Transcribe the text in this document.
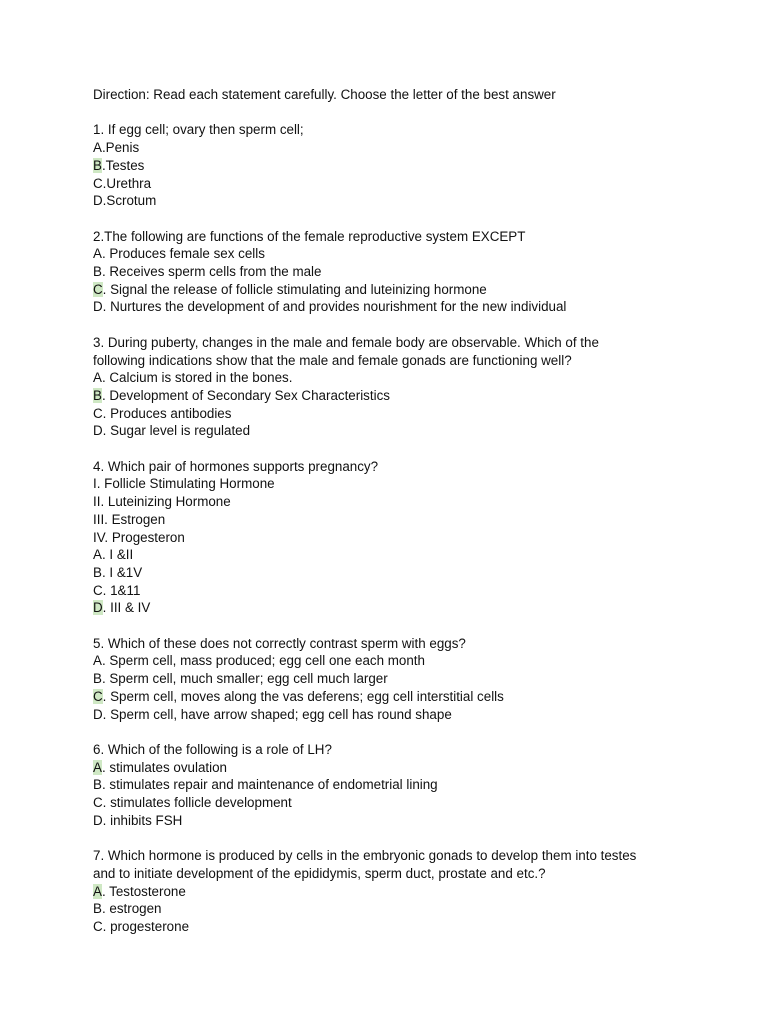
Direction: Read each statement carefully. Choose the letter of the best answer

1. If egg cell; ovary then sperm cell;

A.Penis

B.Testes

C.Urethra

D.Scrotum

2.The following are functions of the female reproductive system EXCEPT

A. Produces female sex cells

B. Receives sperm cells from the male

C. Signal the release of follicle stimulating and luteinizing hormone

D. Nurtures the development of and provides nourishment for the new individual

3. During puberty, changes in the male and female body are observable. Which of the

following indications show that the male and female gonads are functioning well?

A. Calcium is stored in the bones.

B. Development of Secondary Sex Characteristics

C. Produces antibodies

D. Sugar level is regulated

4. Which pair of hormones supports pregnancy?

I. Follicle Stimulating Hormone

II. Luteinizing Hormone

III. Estrogen

IV. Progesteron

A. I &II

B. I &1V

C. 1&11

D. III & IV

5. Which of these does not correctly contrast sperm with eggs?

A. Sperm cell, mass produced; egg cell one each month

B. Sperm cell, much smaller; egg cell much larger

C. Sperm cell, moves along the vas deferens; egg cell interstitial cells

D. Sperm cell, have arrow shaped; egg cell has round shape

6. Which of the following is a role of LH?

A. stimulates ovulation

B. stimulates repair and maintenance of endometrial lining

C. stimulates follicle development

D. inhibits FSH

7. Which hormone is produced by cells in the embryonic gonads to develop them into testes

and to initiate development of the epididymis, sperm duct, prostate and etc.?

A. Testosterone

B. estrogen

C. progesterone
